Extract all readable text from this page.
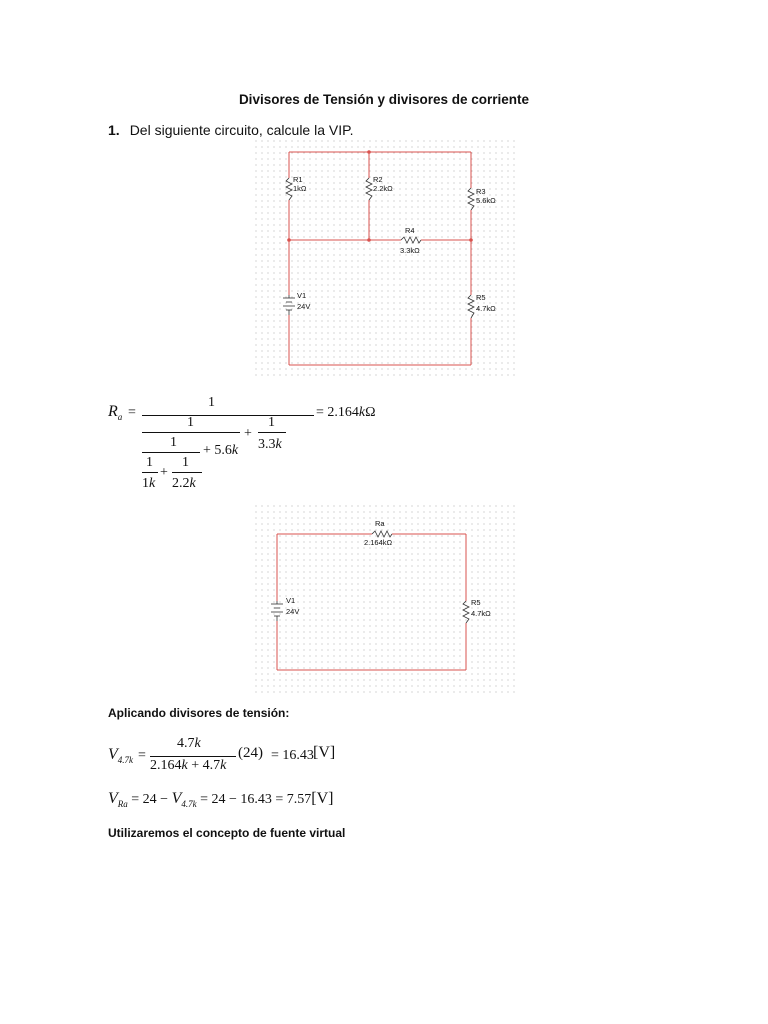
Divisores de Tensión y divisores de corriente
1. Del siguiente circuito, calcule la VIP.
R1
1kΩ
R2
2.2kΩ	R3
5.6kΩ
R4
3.3kΩ
R5
4.7kΩ
V1
24V
$R_a$ =
1
1
+
1
3.3k
1
+ 5.6k
1
1k
+
1
2.2k
= 2.164kΩ
Ra
2.164kΩ
V1
24V
R5
4.7kΩ
Aplicando divisores de tensión:
$V_{4.7k}$ =
4.7k
2.164k + 4.7k
(24) = 16.43 [V]
$V_{Ra} = 24 - V_{4.7k} = 24 - 16.43 = 7.57[V]$
Utilizaremos el concepto de fuente virtual
